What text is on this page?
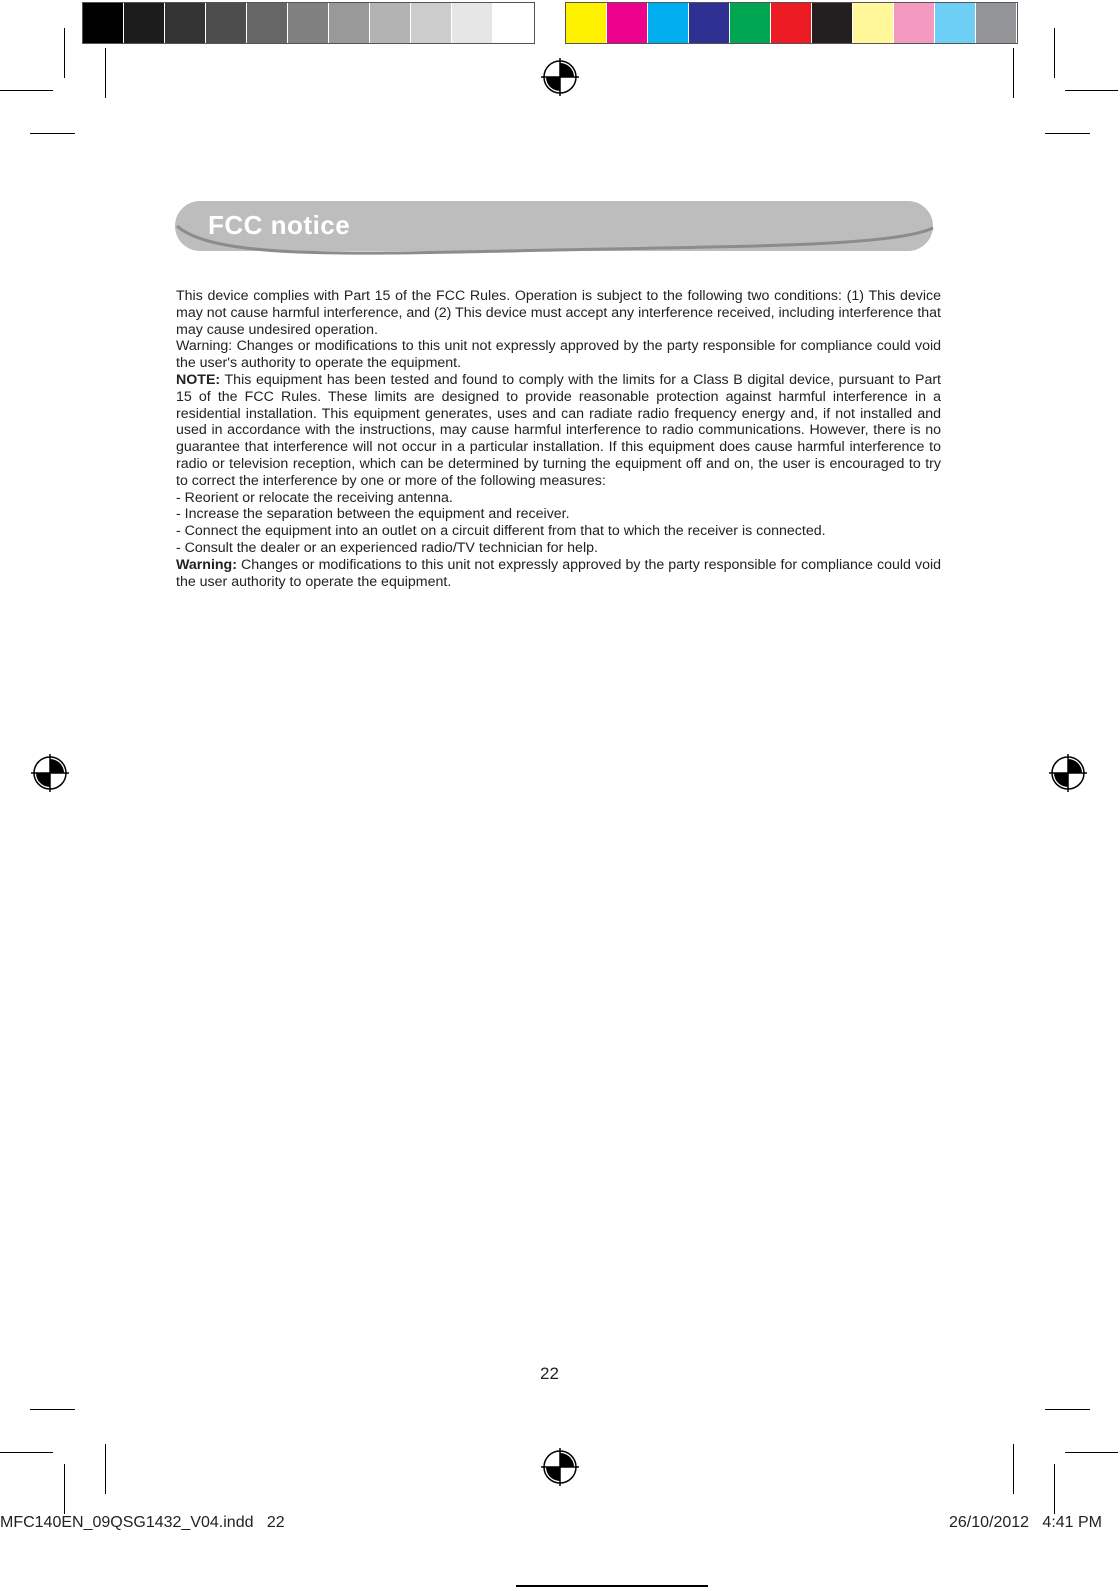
FCC notice

This device complies with Part 15 of the FCC Rules. Operation is subject to the following two conditions: (1) This device may not cause harmful interference, and (2) This device must accept any interference received, including interference that may cause undesired operation.

Warning: Changes or modifications to this unit not expressly approved by the party responsible for compliance could void the user's authority to operate the equipment.

NOTE: This equipment has been tested and found to comply with the limits for a Class B digital device, pursuant to Part 15 of the FCC Rules. These limits are designed to provide reasonable protection against harmful interference in a residential installation. This equipment generates, uses and can radiate radio frequency energy and, if not installed and used in accordance with the instructions, may cause harmful interference to radio communications. However, there is no guarantee that interference will not occur in a particular installation. If this equipment does cause harmful interference to radio or television reception, which can be determined by turning the equipment off and on, the user is encouraged to try to correct the interference by one or more of the following measures:

- Reorient or relocate the receiving antenna.

- Increase the separation between the equipment and receiver.

- Connect the equipment into an outlet on a circuit different from that to which the receiver is connected.

- Consult the dealer or an experienced radio/TV technician for help.

Warning: Changes or modifications to this unit not expressly approved by the party responsible for compliance could void the user authority to operate the equipment.

22
MFC140EN_09QSG1432_V04.indd   22	26/10/2012   4:41 PM
